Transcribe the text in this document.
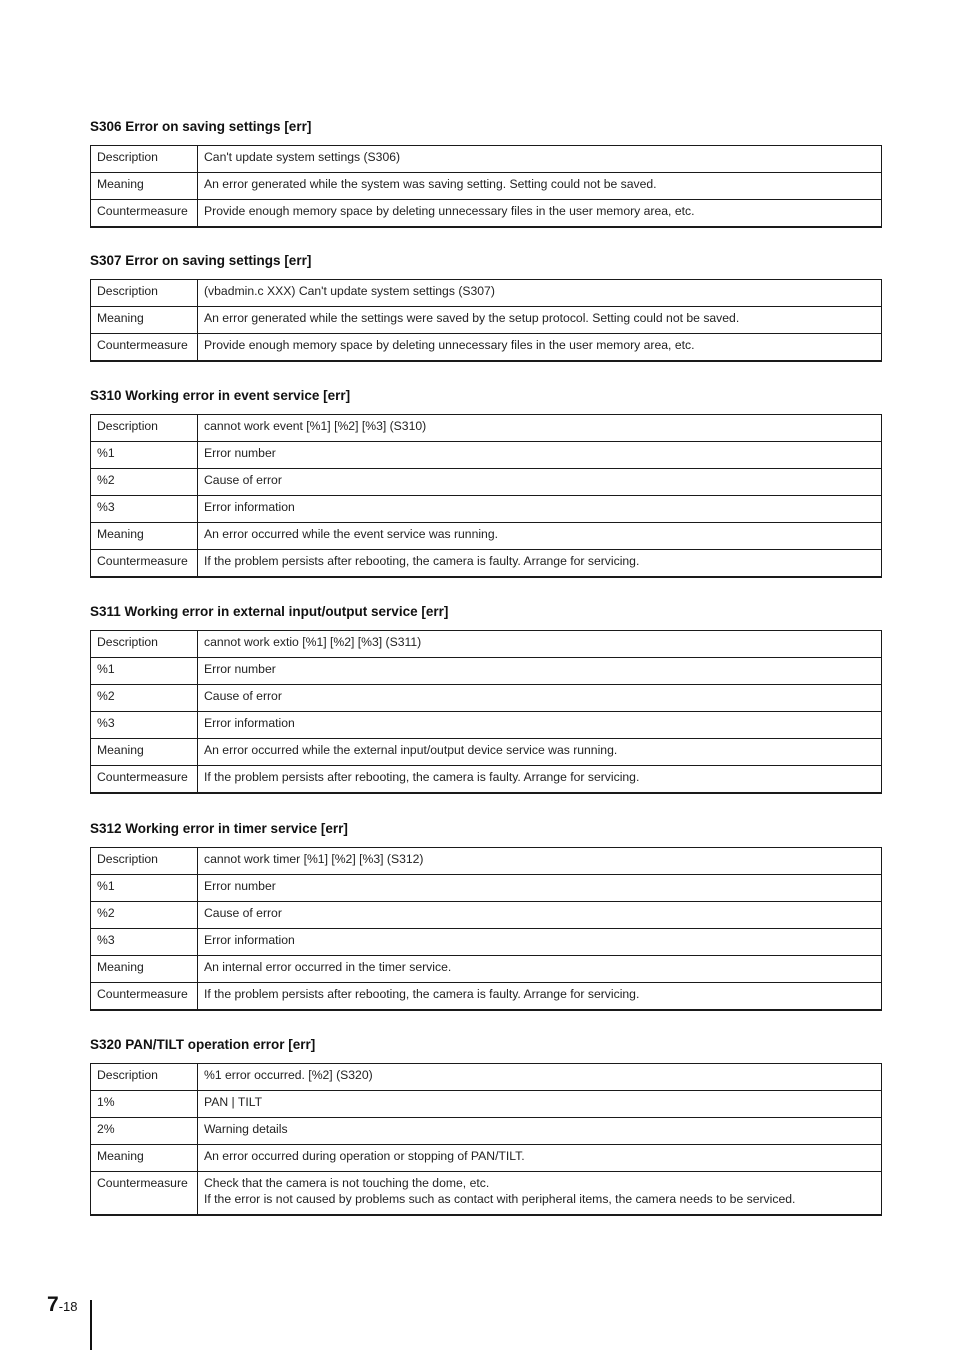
S306 Error on saving settings [err]
Description	Can't update system settings (S306)
Meaning	An error generated while the system was saving setting. Setting could not be saved.
Countermeasure	Provide enough memory space by deleting unnecessary files in the user memory area, etc.
S307 Error on saving settings [err]
Description	(vbadmin.c XXX) Can't update system settings (S307)
Meaning	An error generated while the settings were saved by the setup protocol. Setting could not be saved.
Countermeasure	Provide enough memory space by deleting unnecessary files in the user memory area, etc.
S310 Working error in event service [err]
Description	cannot work event [%1] [%2] [%3] (S310)
%1	Error number
%2	Cause of error
%3	Error information
Meaning	An error occurred while the event service was running.
Countermeasure	If the problem persists after rebooting, the camera is faulty. Arrange for servicing.
S311 Working error in external input/output service [err]
Description	cannot work extio [%1] [%2] [%3] (S311)
%1	Error number
%2	Cause of error
%3	Error information
Meaning	An error occurred while the external input/output device service was running.
Countermeasure	If the problem persists after rebooting, the camera is faulty. Arrange for servicing.
S312 Working error in timer service [err]
Description	cannot work timer [%1] [%2] [%3] (S312)
%1	Error number
%2	Cause of error
%3	Error information
Meaning	An internal error occurred in the timer service.
Countermeasure	If the problem persists after rebooting, the camera is faulty. Arrange for servicing.
S320 PAN/TILT operation error [err]
Description	%1 error occurred. [%2] (S320)
1%	PAN | TILT
2%	Warning details
Meaning	An error occurred during operation or stopping of PAN/TILT.
Countermeasure	Check that the camera is not touching the dome, etc.
If the error is not caused by problems such as contact with peripheral items, the camera needs to be serviced.
7-18
